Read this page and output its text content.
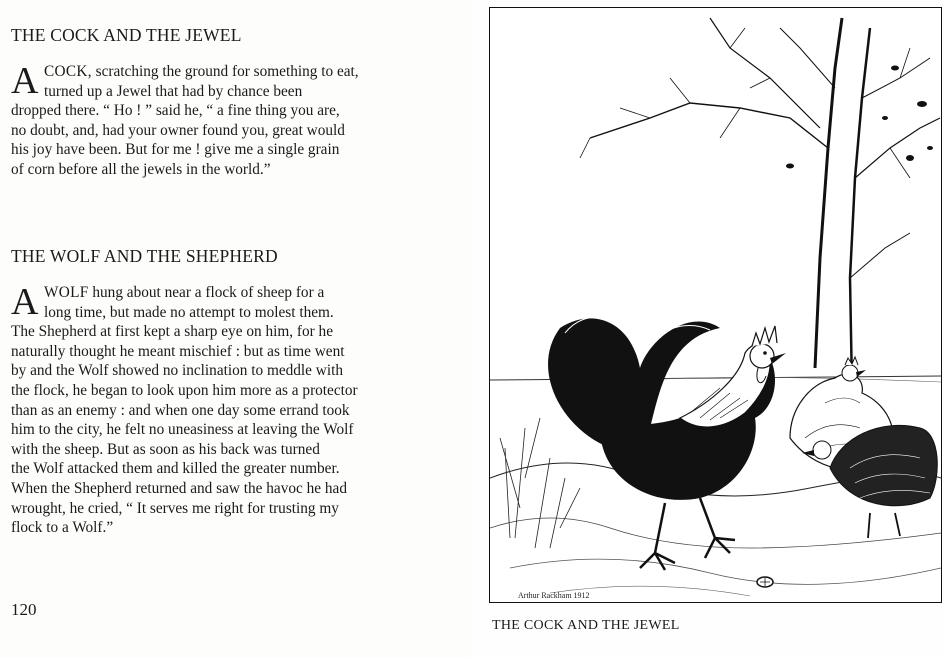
THE COCK AND THE JEWEL
A COCK, scratching the ground for something to eat,
turned up a Jewel that had by chance been
dropped there. “ Ho ! ” said he, “ a fine thing you are,
no doubt, and, had your owner found you, great would
his joy have been. But for me ! give me a single grain
of corn before all the jewels in the world.”
THE WOLF AND THE SHEPHERD
A WOLF hung about near a flock of sheep for a
long time, but made no attempt to molest them.
The Shepherd at first kept a sharp eye on him, for he
naturally thought he meant mischief : but as time went
by and the Wolf showed no inclination to meddle with
the flock, he began to look upon him more as a protector
than as an enemy : and when one day some errand took
him to the city, he felt no uneasiness at leaving the Wolf
with the sheep. But as soon as his back was turned
the Wolf attacked them and killed the greater number.
When the Shepherd returned and saw the havoc he had
wrought, he cried, “ It serves me right for trusting my
flock to a Wolf.”
120
Arthur Rackham 1912
THE COCK AND THE JEWEL
